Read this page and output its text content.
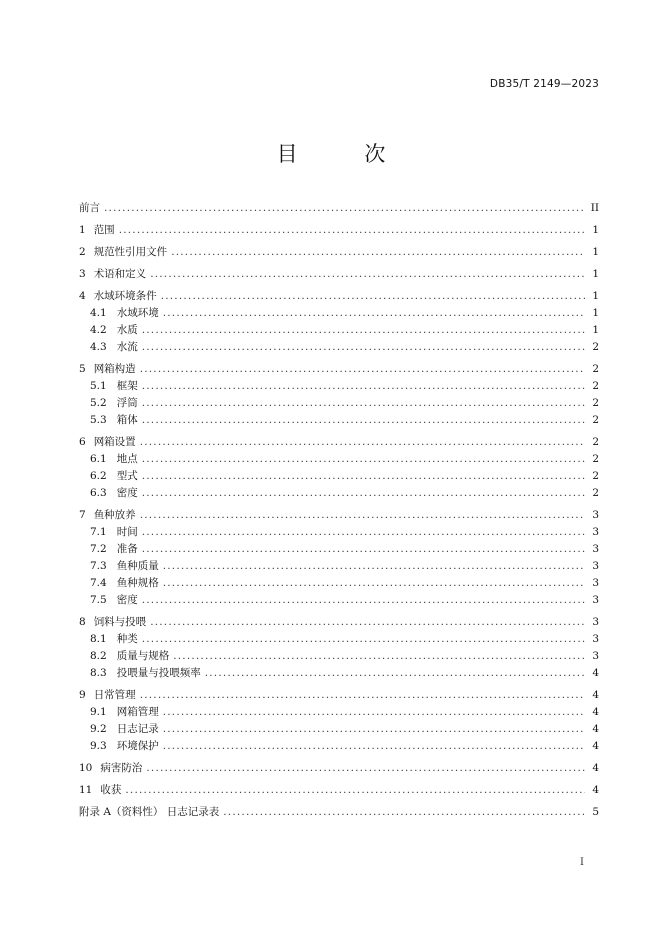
DB35/T 2149—2023
目 次
前言 .....	II
1 范围 .....	1
2 规范性引用文件 .....	1
3 术语和定义 .....	1
4 水域环境条件 .....	1
4.1 水域环境 .....	1
4.2 水质 .....	1
4.3 水流 .....	2
5 网箱构造 .....	2
5.1 框架 .....	2
5.2 浮筒 .....	2
5.3 箱体 .....	2
6 网箱设置 .....	2
6.1 地点 .....	2
6.2 型式 .....	2
6.3 密度 .....	2
7 鱼种放养 .....	3
7.1 时间 .....	3
7.2 准备 .....	3
7.3 鱼种质量 .....	3
7.4 鱼种规格 .....	3
7.5 密度 .....	3
8 饲料与投喂 .....	3
8.1 种类 .....	3
8.2 质量与规格 .....	3
8.3 投喂量与投喂频率 .....	4
9 日常管理 .....	4
9.1 网箱管理 .....	4
9.2 日志记录 .....	4
9.3 环境保护 .....	4
10 病害防治 .....	4
11 收获 .....	4
附录 A（资料性） 日志记录表 .....	5
I
